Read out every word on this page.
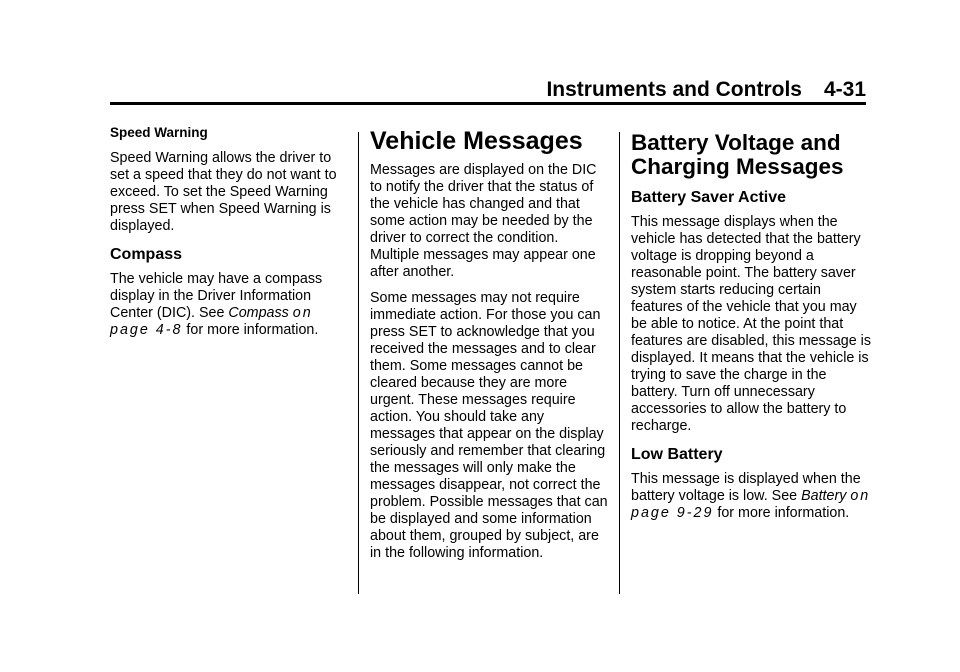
Instruments and Controls 4-31

Speed Warning

Speed Warning allows the driver to set a speed that they do not want to exceed. To set the Speed Warning press SET when Speed Warning is displayed.

Compass

The vehicle may have a compass display in the Driver Information Center (DIC). See Compass on page 4-8 for more information.

Vehicle Messages

Messages are displayed on the DIC to notify the driver that the status of the vehicle has changed and that some action may be needed by the driver to correct the condition. Multiple messages may appear one after another.

Some messages may not require immediate action. For those you can press SET to acknowledge that you received the messages and to clear them. Some messages cannot be cleared because they are more urgent. These messages require action. You should take any messages that appear on the display seriously and remember that clearing the messages will only make the messages disappear, not correct the problem. Possible messages that can be displayed and some information about them, grouped by subject, are in the following information.

Battery Voltage and Charging Messages
Battery Saver Active

This message displays when the vehicle has detected that the battery voltage is dropping beyond a reasonable point. The battery saver system starts reducing certain features of the vehicle that you may be able to notice. At the point that features are disabled, this message is displayed. It means that the vehicle is trying to save the charge in the battery. Turn off unnecessary accessories to allow the battery to recharge.

Low Battery

This message is displayed when the battery voltage is low. See Battery on page 9-29 for more information.
